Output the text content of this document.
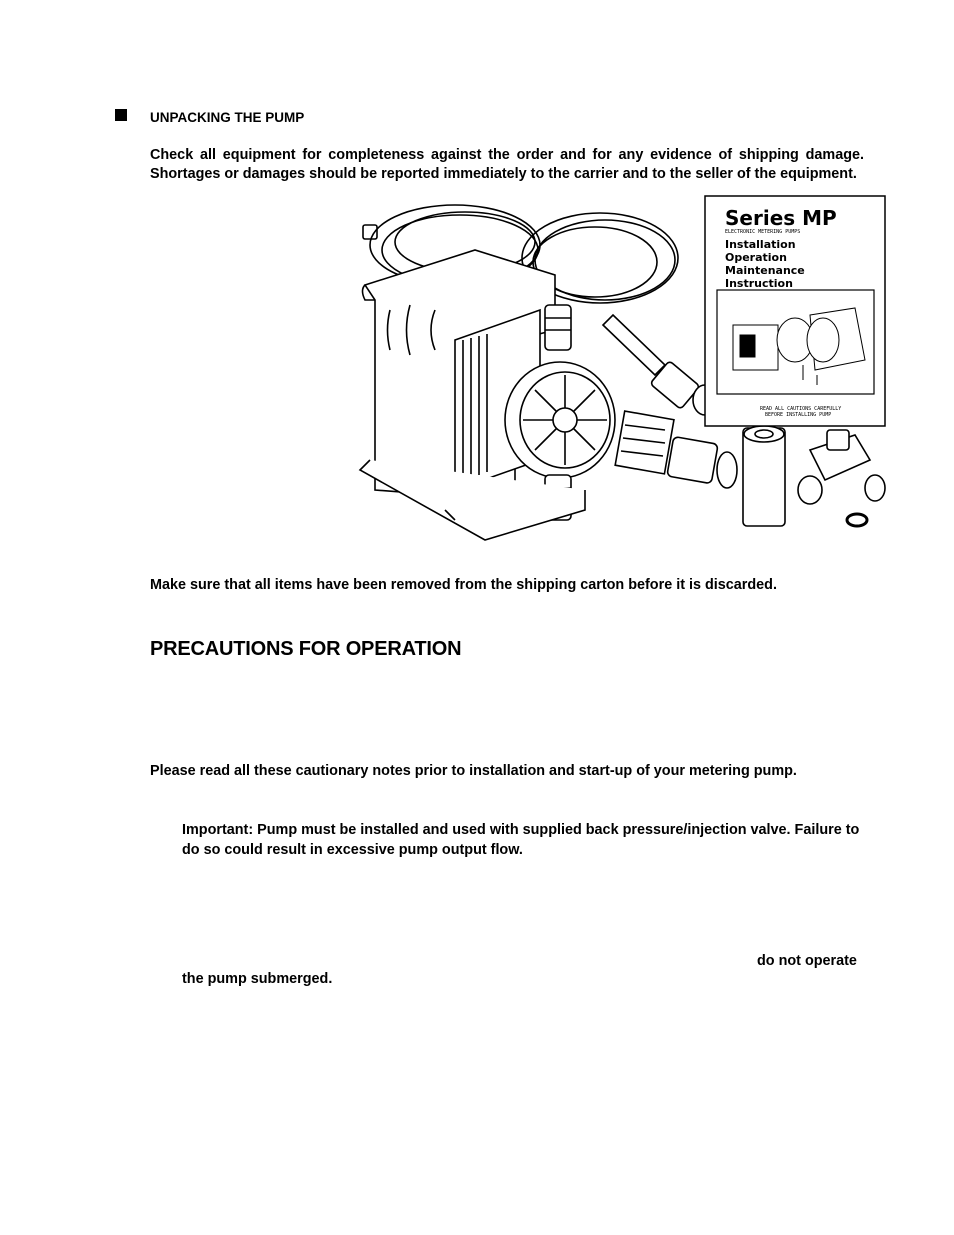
UNPACKING THE PUMP
Check all equipment for completeness against the order and for any evidence of shipping damage. Shortages or damages should be reported immediately to the carrier and to the seller of the equipment.
Series MP
ELECTRONIC METERING PUMPS
Installation
Operation
Maintenance
Instruction
READ ALL CAUTIONS CAREFULLY
BEFORE INSTALLING PUMP
Make sure that all items have been removed from the shipping carton before it is discarded.
PRECAUTIONS FOR OPERATION
Please read all these cautionary notes prior to installation and start-up of your metering pump.
Important: Pump must be installed and used with supplied back pressure/injection valve. Failure to do so could result in excessive pump output flow.
do not operate
the pump submerged.
